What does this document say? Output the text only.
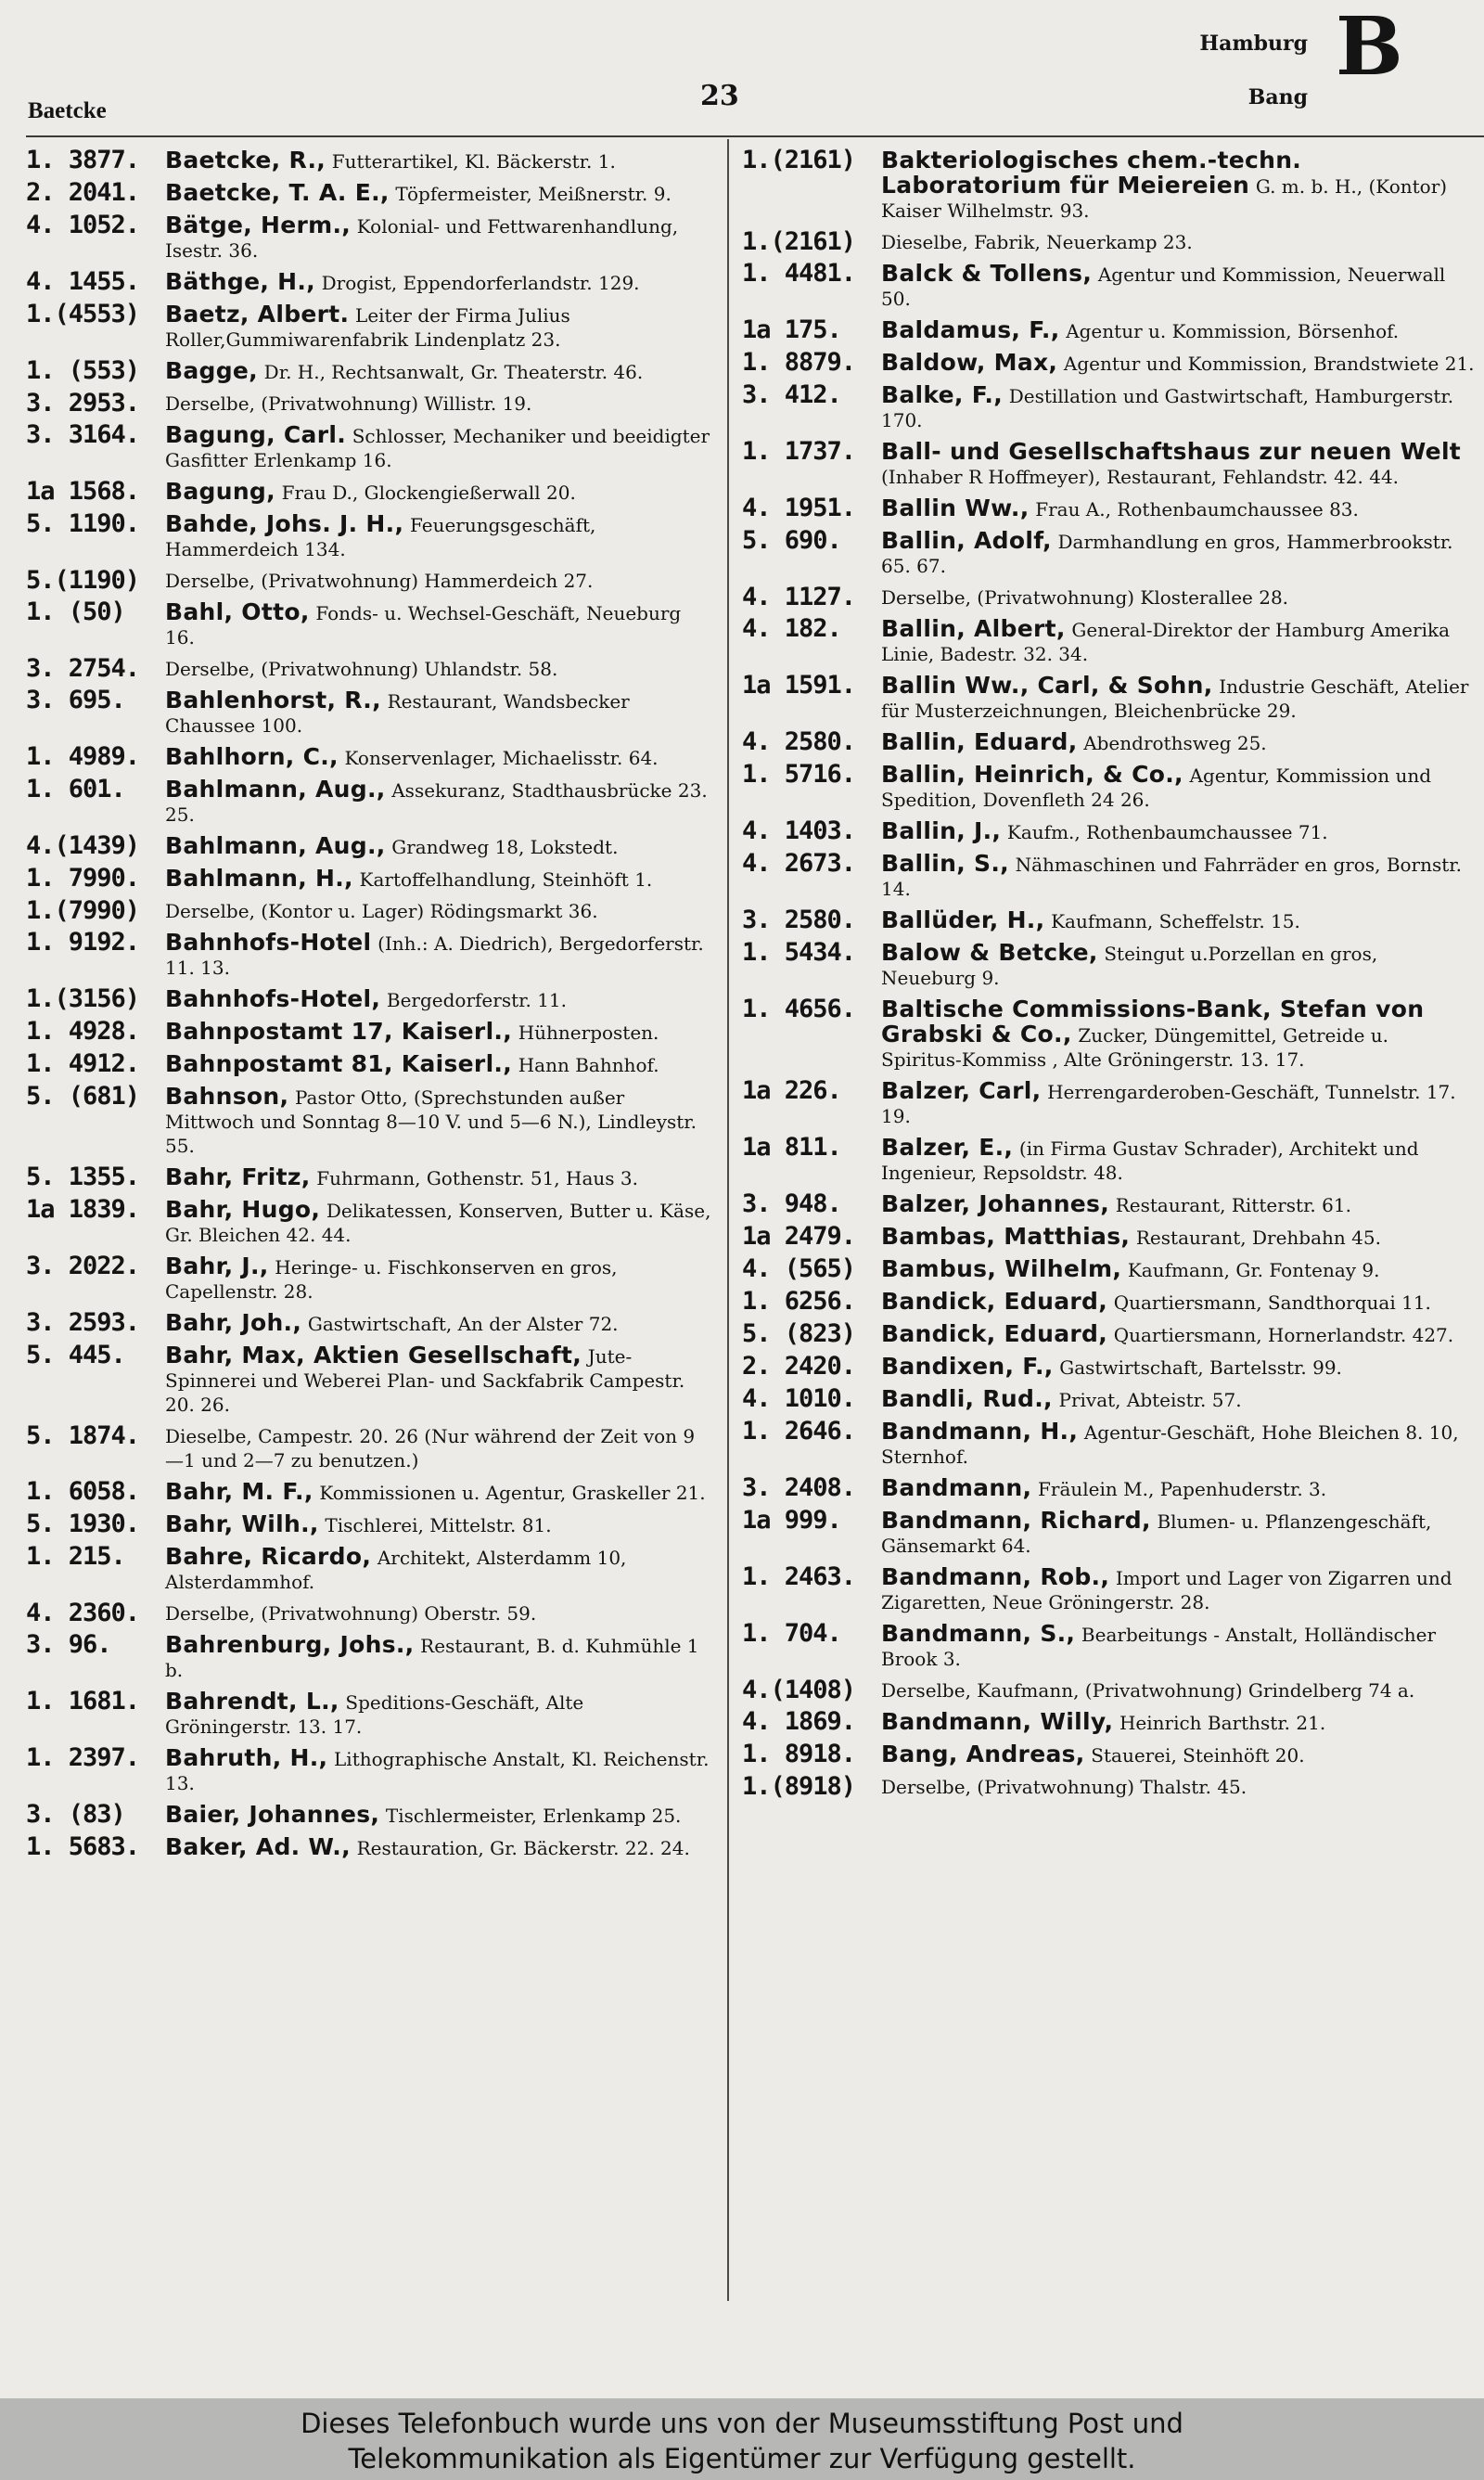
Baetcke	23
Hamburg
Bang
B
1. 3877. Baetcke, R., Futterartikel, Kl. Bäckerstr. 1.
2. 2041. Baetcke, T. A. E., Töpfermeister, Meißnerstr. 9.
4. 1052. Bätge, Herm., Kolonial- und Fettwarenhandlung, Isestr. 36.
4. 1455. Bäthge, H., Drogist, Eppendorferlandstr. 129.
1.(4553) Baetz, Albert. Leiter der Firma Julius Roller,Gummiwarenfabrik Lindenplatz 23.
1. (553) Bagge, Dr. H., Rechtsanwalt, Gr. Theaterstr. 46.
3. 2953. Derselbe, (Privatwohnung) Willistr. 19.
3. 3164. Bagung, Carl. Schlosser, Mechaniker und beeidigter Gasfitter Erlenkamp 16.
1a 1568. Bagung, Frau D., Glockengießerwall 20.
5. 1190. Bahde, Johs. J. H., Feuerungsgeschäft, Hammerdeich 134.
5.(1190) Derselbe, (Privatwohnung) Hammerdeich 27.
1. (50) Bahl, Otto, Fonds- u. Wechsel-Geschäft, Neueburg 16.
3. 2754. Derselbe, (Privatwohnung) Uhlandstr. 58.
3. 695. Bahlenhorst, R., Restaurant, Wandsbecker Chaussee 100.
1. 4989. Bahlhorn, C., Konservenlager, Michaelisstr. 64.
1. 601. Bahlmann, Aug., Assekuranz, Stadthausbrücke 23. 25.
4.(1439) Bahlmann, Aug., Grandweg 18, Lokstedt.
1. 7990. Bahlmann, H., Kartoffelhandlung, Steinhöft 1.
1.(7990) Derselbe, (Kontor u. Lager) Rödingsmarkt 36.
1. 9192. Bahnhofs-Hotel (Inh.: A. Diedrich), Bergedorferstr. 11. 13.
1.(3156) Bahnhofs-Hotel, Bergedorferstr. 11.
1. 4928. Bahnpostamt 17, Kaiserl., Hühnerposten.
1. 4912. Bahnpostamt 81, Kaiserl., Hann Bahnhof.
5. (681) Bahnson, Pastor Otto, (Sprechstunden außer Mittwoch und Sonntag 8—10 V. und 5—6 N.), Lindleystr. 55.
5. 1355. Bahr, Fritz, Fuhrmann, Gothenstr. 51, Haus 3.
1a 1839. Bahr, Hugo, Delikatessen, Konserven, Butter u. Käse, Gr. Bleichen 42. 44.
3. 2022. Bahr, J., Heringe- u. Fischkonserven en gros, Capellenstr. 28.
3. 2593. Bahr, Joh., Gastwirtschaft, An der Alster 72.
5. 445. Bahr, Max, Aktien Gesellschaft, Jute-Spinnerei und Weberei Plan- und Sackfabrik Campestr. 20. 26.
5. 1874. Dieselbe, Campestr. 20. 26 (Nur während der Zeit von 9—1 und 2—7 zu benutzen.)
1. 6058. Bahr, M. F., Kommissionen u. Agentur, Graskeller 21.
5. 1930. Bahr, Wilh., Tischlerei, Mittelstr. 81.
1. 215. Bahre, Ricardo, Architekt, Alsterdamm 10, Alsterdammhof.
4. 2360. Derselbe, (Privatwohnung) Oberstr. 59.
3. 96. Bahrenburg, Johs., Restaurant, B. d. Kuhmühle 1 b.
1. 1681. Bahrendt, L., Speditions-Geschäft, Alte Gröningerstr. 13. 17.
1. 2397. Bahruth, H., Lithographische Anstalt, Kl. Reichenstr. 13.
3. (83) Baier, Johannes, Tischlermeister, Erlenkamp 25.
1. 5683. Baker, Ad. W., Restauration, Gr. Bäckerstr. 22. 24.
1.(2161) Bakteriologisches chem.-techn. Laboratorium für Meiereien G. m. b. H., (Kontor) Kaiser Wilhelmstr. 93.
1.(2161) Dieselbe, Fabrik, Neuerkamp 23.
1. 4481. Balck & Tollens, Agentur und Kommission, Neuerwall 50.
1a 175. Baldamus, F., Agentur u. Kommission, Börsenhof.
1. 8879. Baldow, Max, Agentur und Kommission, Brandstwiete 21.
3. 412. Balke, F., Destillation und Gastwirtschaft, Hamburgerstr. 170.
1. 1737. Ball- und Gesellschaftshaus zur neuen Welt (Inhaber R Hoffmeyer), Restaurant, Fehlandstr. 42. 44.
4. 1951. Ballin Ww., Frau A., Rothenbaumchaussee 83.
5. 690. Ballin, Adolf, Darmhandlung en gros, Hammerbrookstr. 65. 67.
4. 1127. Derselbe, (Privatwohnung) Klosterallee 28.
4. 182. Ballin, Albert, General-Direktor der Hamburg Amerika Linie, Badestr. 32. 34.
1a 1591. Ballin Ww., Carl, & Sohn, Industrie Geschäft, Atelier für Musterzeichnungen, Bleichenbrücke 29.
4. 2580. Ballin, Eduard, Abendrothsweg 25.
1. 5716. Ballin, Heinrich, & Co., Agentur, Kommission und Spedition, Dovenfleth 24 26.
4. 1403. Ballin, J., Kaufm., Rothenbaumchaussee 71.
4. 2673. Ballin, S., Nähmaschinen und Fahrräder en gros, Bornstr. 14.
3. 2580. Ballüder, H., Kaufmann, Scheffelstr. 15.
1. 5434. Balow & Betcke, Steingut u.Porzellan en gros, Neueburg 9.
1. 4656. Baltische Commissions-Bank, Stefan von Grabski & Co., Zucker, Düngemittel, Getreide u. Spiritus-Kommiss , Alte Gröningerstr. 13. 17.
1a 226. Balzer, Carl, Herrengarderoben-Geschäft, Tunnelstr. 17. 19.
1a 811. Balzer, E., (in Firma Gustav Schrader), Architekt und Ingenieur, Repsoldstr. 48.
3. 948. Balzer, Johannes, Restaurant, Ritterstr. 61.
1a 2479. Bambas, Matthias, Restaurant, Drehbahn 45.
4. (565) Bambus, Wilhelm, Kaufmann, Gr. Fontenay 9.
1. 6256. Bandick, Eduard, Quartiersmann, Sandthorquai 11.
5. (823) Bandick, Eduard, Quartiersmann, Hornerlandstr. 427.
2. 2420. Bandixen, F., Gastwirtschaft, Bartelsstr. 99.
4. 1010. Bandli, Rud., Privat, Abteistr. 57.
1. 2646. Bandmann, H., Agentur-Geschäft, Hohe Bleichen 8. 10, Sternhof.
3. 2408. Bandmann, Fräulein M., Papenhuderstr. 3.
1a 999. Bandmann, Richard, Blumen- u. Pflanzengeschäft, Gänsemarkt 64.
1. 2463. Bandmann, Rob., Import und Lager von Zigarren und Zigaretten, Neue Gröningerstr. 28.
1. 704. Bandmann, S., Bearbeitungs - Anstalt, Holländischer Brook 3.
4.(1408) Derselbe, Kaufmann, (Privatwohnung) Grindelberg 74 a.
4. 1869. Bandmann, Willy, Heinrich Barthstr. 21.
1. 8918. Bang, Andreas, Stauerei, Steinhöft 20.
1.(8918) Derselbe, (Privatwohnung) Thalstr. 45.
Dieses Telefonbuch wurde uns von der Museumsstiftung Post und
Telekommunikation als Eigentümer zur Verfügung gestellt.
